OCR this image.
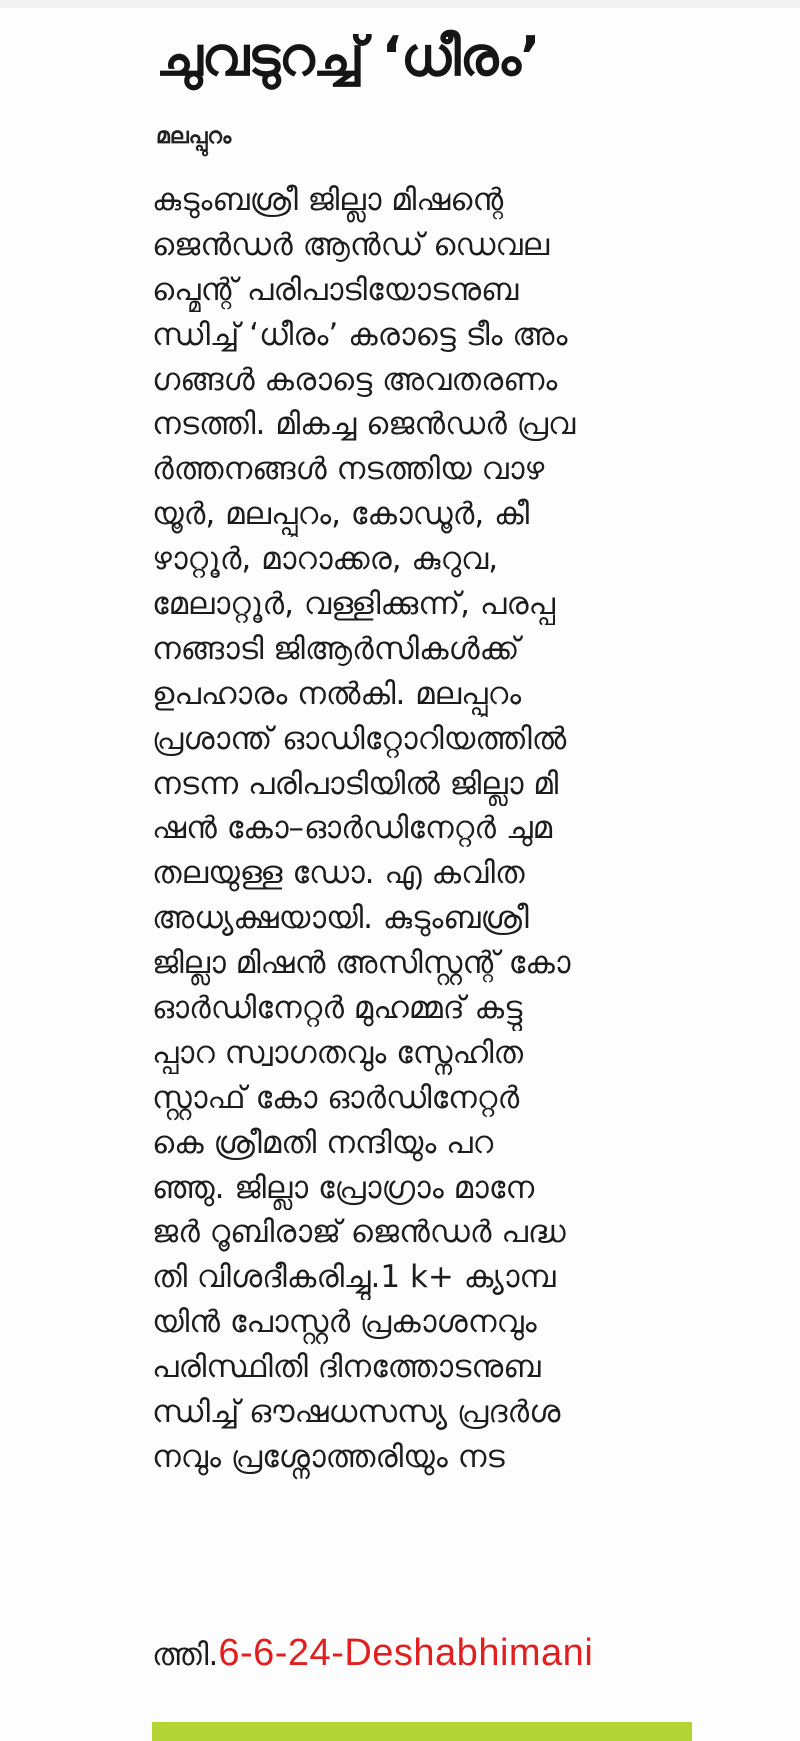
ചുവടുറച്ച് ‘ധീരം’
മലപ്പുറം
കുടുംബശ്രീ ജില്ലാ മിഷന്റെ
ജെൻഡർ ആൻഡ് ഡെവല
പ്മെന്റ് പരിപാടിയോടനുബ
ന്ധിച്ച് ‘ധീരം’ കരാട്ടെ ടീം അം
ഗങ്ങൾ കരാട്ടെ അവതരണം
നടത്തി. മികച്ച ജെൻഡർ പ്രവ
ർത്തനങ്ങൾ നടത്തിയ വാഴ
യൂർ, മലപ്പുറം, കോഡൂർ, കീ
ഴാറ്റൂർ, മാറാക്കര, കുറുവ,
മേലാറ്റൂർ, വള്ളിക്കുന്ന്, പരപ്പ
നങ്ങാടി ജിആർസികൾക്ക്
ഉപഹാരം നൽകി. മലപ്പുറം
പ്രശാന്ത് ഓഡിറ്റോറിയത്തിൽ
നടന്ന പരിപാടിയിൽ ജില്ലാ മി
ഷൻ കോ–ഓർഡിനേറ്റർ ചുമ
തലയുള്ള ഡോ. എ കവിത
അധ്യക്ഷയായി. കുടുംബശ്രീ
ജില്ലാ മിഷൻ അസിസ്റ്റന്റ് കോ
ഓർഡിനേറ്റർ മുഹമ്മദ് കട്ടു
പ്പാറ സ്വാഗതവും സ്നേഹിത
സ്റ്റാഫ് കോ ഓർഡിനേറ്റർ
കെ ശ്രീമതി നന്ദിയും പറ
ഞ്ഞു. ജില്ലാ പ്രോഗ്രാം മാനേ
ജർ റൂബിരാജ് ജെൻഡർ പദ്ധ
തി വിശദീകരിച്ചു.1 k+ ക്യാമ്പ
യിൻ പോസ്റ്റർ പ്രകാശനവും
പരിസ്ഥിതി ദിനത്തോടനുബ
ന്ധിച്ച് ഔഷധസസ്യ പ്രദർശ
നവും പ്രശ്നോത്തരിയും നട
ത്തി.6-6-24-Deshabhimani
